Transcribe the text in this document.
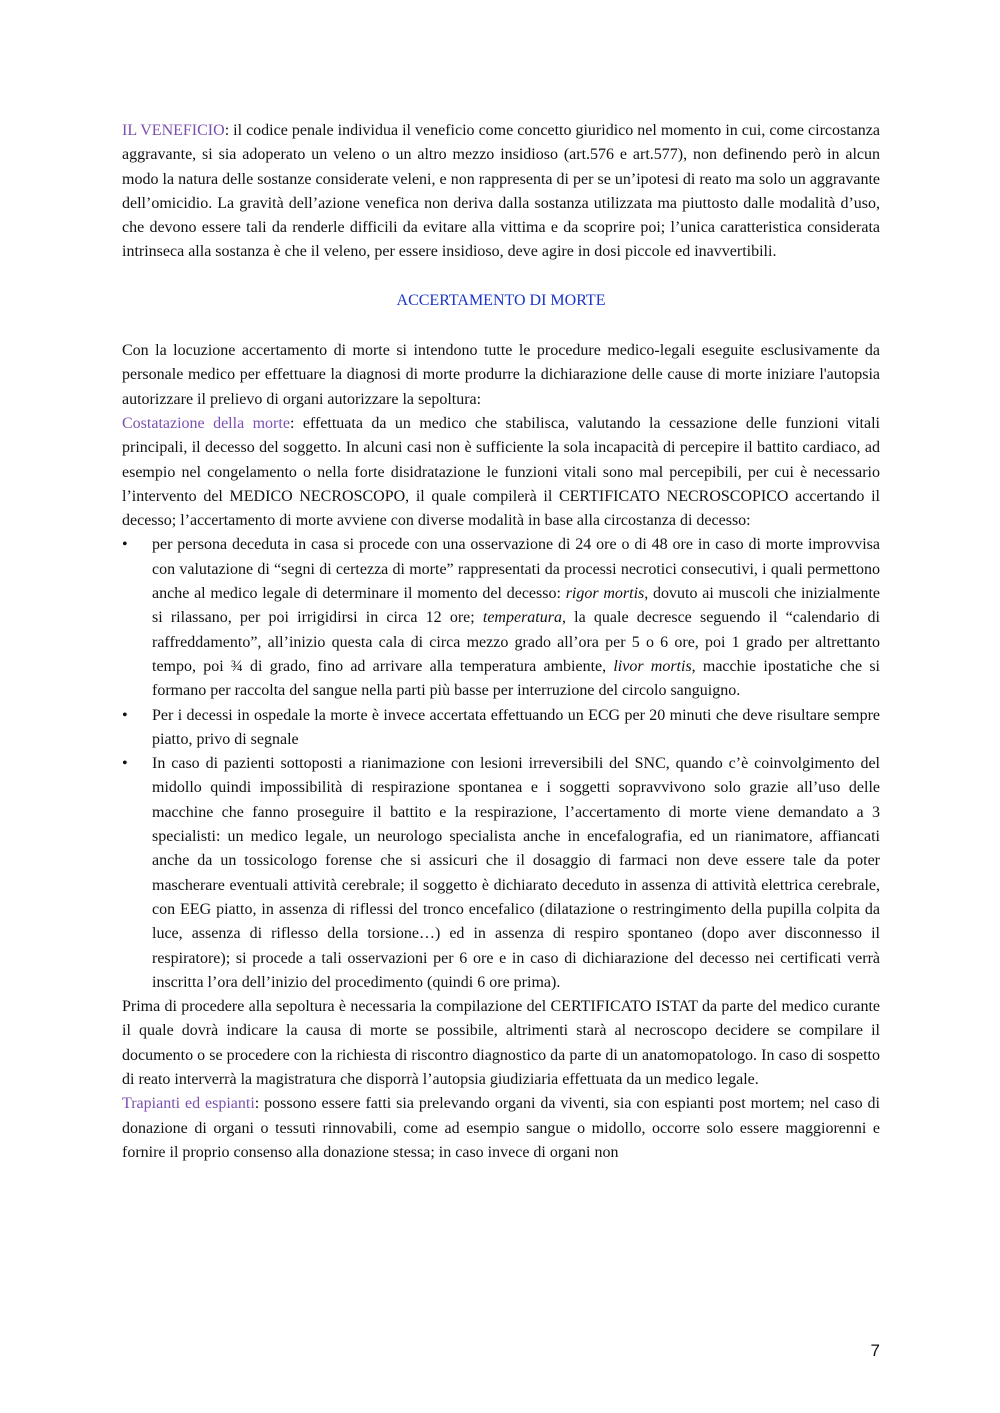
IL VENEFICIO: il codice penale individua il veneficio come concetto giuridico nel momento in cui, come circostanza aggravante, si sia adoperato un veleno o un altro mezzo insidioso (art.576 e art.577), non definendo però in alcun modo la natura delle sostanze considerate veleni, e non rappresenta di per se un’ipotesi di reato ma solo un aggravante dell’omicidio. La gravità dell’azione venefica non deriva dalla sostanza utilizzata ma piuttosto dalle modalità d’uso, che devono essere tali da renderle difficili da evitare alla vittima e da scoprire poi; l’unica caratteristica considerata intrinseca alla sostanza è che il veleno, per essere insidioso, deve agire in dosi piccole ed inavvertibili.

ACCERTAMENTO DI MORTE

Con la locuzione accertamento di morte si intendono tutte le procedure medico-legali eseguite esclusivamente da personale medico per effettuare la diagnosi di morte produrre la dichiarazione delle cause di morte iniziare l'autopsia autorizzare il prelievo di organi autorizzare la sepoltura:

Costatazione della morte: effettuata da un medico che stabilisca, valutando la cessazione delle funzioni vitali principali, il decesso del soggetto. In alcuni casi non è sufficiente la sola incapacità di percepire il battito cardiaco, ad esempio nel congelamento o nella forte disidratazione le funzioni vitali sono mal percepibili, per cui è necessario l’intervento del MEDICO NECROSCOPO, il quale compilerà il CERTIFICATO NECROSCOPICO accertando il decesso; l’accertamento di morte avviene con diverse modalità in base alla circostanza di decesso:

•	per persona deceduta in casa si procede con una osservazione di 24 ore o di 48 ore in caso di morte improvvisa con valutazione di “segni di certezza di morte” rappresentati da processi necrotici consecutivi, i quali permettono anche al medico legale di determinare il momento del decesso: rigor mortis, dovuto ai muscoli che inizialmente si rilassano, per poi irrigidirsi in circa 12 ore; temperatura, la quale decresce seguendo il “calendario di raffreddamento”, all’inizio questa cala di circa mezzo grado all’ora per 5 o 6 ore, poi 1 grado per altrettanto tempo, poi ¾ di grado, fino ad arrivare alla temperatura ambiente, livor mortis, macchie ipostatiche che si formano per raccolta del sangue nella parti più basse per interruzione del circolo sanguigno.
•	Per i decessi in ospedale la morte è invece accertata effettuando un ECG per 20 minuti che deve risultare sempre piatto, privo di segnale
•	In caso di pazienti sottoposti a rianimazione con lesioni irreversibili del SNC, quando c’è coinvolgimento del midollo quindi impossibilità di respirazione spontanea e i soggetti sopravvivono solo grazie all’uso delle macchine che fanno proseguire il battito e la respirazione, l’accertamento di morte viene demandato a 3 specialisti: un medico legale, un neurologo specialista anche in encefalografia, ed un rianimatore, affiancati anche da un tossicologo forense che si assicuri che il dosaggio di farmaci non deve essere tale da poter mascherare eventuali attività cerebrale; il soggetto è dichiarato deceduto in assenza di attività elettrica cerebrale, con EEG piatto, in assenza di riflessi del tronco encefalico (dilatazione o restringimento della pupilla colpita da luce, assenza di riflesso della torsione…) ed in assenza di respiro spontaneo (dopo aver disconnesso il respiratore); si procede a tali osservazioni per 6 ore e in caso di dichiarazione del decesso nei certificati verrà inscritta l’ora dell’inizio del procedimento (quindi 6 ore prima).

Prima di procedere alla sepoltura è necessaria la compilazione del CERTIFICATO ISTAT da parte del medico curante il quale dovrà indicare la causa di morte se possibile, altrimenti starà al necroscopo decidere se compilare il documento o se procedere con la richiesta di riscontro diagnostico da parte di un anatomopatologo. In caso di sospetto di reato interverrà la magistratura che disporrà l’autopsia giudiziaria effettuata da un medico legale.

Trapianti ed espianti: possono essere fatti sia prelevando organi da viventi, sia con espianti post mortem; nel caso di donazione di organi o tessuti rinnovabili, come ad esempio sangue o midollo, occorre solo essere maggiorenni e fornire il proprio consenso alla donazione stessa; in caso invece di organi non

7
